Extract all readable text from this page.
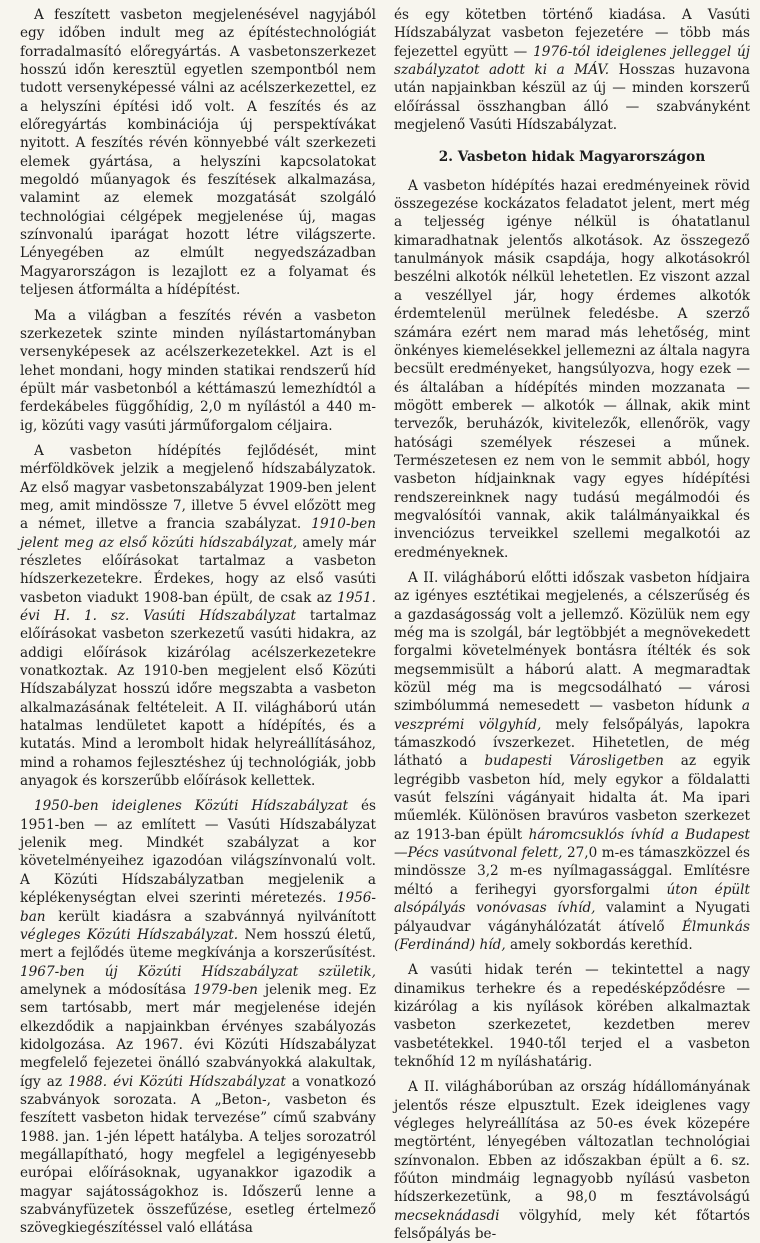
A feszített vasbeton megjelenésével nagyjából egy időben indult meg az építéstechnológiát forradalmasító előregyártás. A vasbetonszerkezet hosszú időn keresztül egyetlen szempontból nem tudott versenyképessé válni az acélszerkezettel, ez a helyszíni építési idő volt. A feszítés és az előregyártás kombinációja új perspektívákat nyitott. A feszítés révén könnyebbé vált szerkezeti elemek gyártása, a helyszíni kapcsolatokat megoldó műanyagok és feszítések alkalmazása, valamint az elemek mozgatását szolgáló technológiai célgépek megjelenése új, magas színvonalú iparágat hozott létre világszerte. Lényegében az elmúlt negyedszázadban Magyarországon is lezajlott ez a folyamat és teljesen átformálta a hídépítést.

Ma a világban a feszítés révén a vasbeton szerkezetek szinte minden nyílástartományban versenyképesek az acélszerkezetekkel. Azt is el lehet mondani, hogy minden statikai rendszerű híd épült már vasbetonból a kéttámaszú lemezhídtól a ferdekábeles függőhídig, 2,0 m nyílástól a 440 m-ig, közúti vagy vasúti járműforgalom céljaira.

A vasbeton hídépítés fejlődését, mint mérföldkövek jelzik a megjelenő hídszabályzatok. Az első magyar vasbetonszabályzat 1909-ben jelent meg, amit mindössze 7, illetve 5 évvel előzött meg a német, illetve a francia szabályzat. 1910-ben jelent meg az első közúti hídszabályzat, amely már részletes előírásokat tartalmaz a vasbeton hídszerkezetekre. Érdekes, hogy az első vasúti vasbeton viadukt 1908-ban épült, de csak az 1951. évi H. 1. sz. Vasúti Hídszabályzat tartalmaz előírásokat vasbeton szerkezetű vasúti hidakra, az addigi előírások kizárólag acélszerkezetekre vonatkoztak. Az 1910-ben megjelent első Közúti Hídszabályzat hosszú időre megszabta a vasbeton alkalmazásának feltételeit. A II. világháború után hatalmas lendületet kapott a hídépítés, és a kutatás. Mind a lerombolt hidak helyreállításához, mind a rohamos fejlesztéshez új technológiák, jobb anyagok és korszerűbb előírások kellettek.

1950-ben ideiglenes Közúti Hídszabályzat és 1951-ben — az említett — Vasúti Hídszabályzat jelenik meg. Mindkét szabályzat a kor követelményeihez igazodóan világszínvonalú volt. A Közúti Hídszabályzatban megjelenik a képlékenységtan elvei szerinti méretezés. 1956-ban került kiadásra a szabvánnyá nyilvánított végleges Közúti Hídszabályzat. Nem hosszú életű, mert a fejlődés üteme megkívánja a korszerűsítést. 1967-ben új Közúti Hídszabályzat születik, amelynek a módosítása 1979-ben jelenik meg. Ez sem tartósabb, mert már megjelenése idején elkezdődik a napjainkban érvényes szabályozás kidolgozása. Az 1967. évi Közúti Hídszabályzat megfelelő fejezetei önálló szabványokká alakultak, így az 1988. évi Közúti Hídszabályzat a vonatkozó szabványok sorozata. A „Beton-, vasbeton és feszített vasbeton hidak tervezése” című szabvány 1988. jan. 1-jén lépett hatályba. A teljes sorozatról megállapítható, hogy megfelel a legigényesebb európai előírásoknak, ugyanakkor igazodik a magyar sajátosságokhoz is. Időszerű lenne a szabványfüzetek összefűzése, esetleg értelmező szövegkiegészítéssel való ellátása

és egy kötetben történő kiadása. A Vasúti Hídszabályzat vasbeton fejezetére — több más fejezettel együtt — 1976-tól ideiglenes jelleggel új szabályzatot adott ki a MÁV. Hosszas huzavona után napjainkban készül az új — minden korszerű előírással összhangban álló — szabványként megjelenő Vasúti Hídszabályzat.

2. Vasbeton hidak Magyarországon

A vasbeton hídépítés hazai eredményeinek rövid összegezése kockázatos feladatot jelent, mert még a teljesség igénye nélkül is óhatatlanul kimaradhatnak jelentős alkotások. Az összegező tanulmányok másik csapdája, hogy alkotásokról beszélni alkotók nélkül lehetetlen. Ez viszont azzal a veszéllyel jár, hogy érdemes alkotók érdemtelenül merülnek feledésbe. A szerző számára ezért nem marad más lehetőség, mint önkényes kiemelésekkel jellemezni az általa nagyra becsült eredményeket, hangsúlyozva, hogy ezek — és általában a hídépítés minden mozzanata — mögött emberek — alkotók — állnak, akik mint tervezők, beruházók, kivitelezők, ellenőrök, vagy hatósági személyek részesei a műnek. Természetesen ez nem von le semmit abból, hogy vasbeton hídjainknak vagy egyes hídépítési rendszereinknek nagy tudású megálmodói és megvalósítói vannak, akik találmányaikkal és invenciózus terveikkel szellemi megalkotói az eredményeknek.

A II. világháború előtti időszak vasbeton hídjaira az igényes esztétikai megjelenés, a célszerűség és a gazdaságosság volt a jellemző. Közülük nem egy még ma is szolgál, bár legtöbbjét a megnövekedett forgalmi követelmények bontásra ítélték és sok megsemmisült a háború alatt. A megmaradtak közül még ma is megcsodálható — városi szimbólummá nemesedett — vasbeton hídunk a veszprémi völgyhíd, mely felsőpályás, lapokra támaszkodó ívszerkezet. Hihetetlen, de még látható a budapesti Városligetben az egyik legrégibb vasbeton híd, mely egykor a földalatti vasút felszíni vágányait hidalta át. Ma ipari műemlék. Különösen bravúros vasbeton szerkezet az 1913-ban épült háromcsuklós ívhíd a Budapest—Pécs vasútvonal felett, 27,0 m-es támaszközzel és mindössze 3,2 m-es nyílmagassággal. Említésre méltó a ferihegyi gyorsforgalmi úton épült alsópályás vonóvasas ívhíd, valamint a Nyugati pályaudvar vágányhálózatát átívelő Élmunkás (Ferdinánd) híd, amely sokbordás kerethíd.

A vasúti hidak terén — tekintettel a nagy dinamikus terhekre és a repedésképződésre — kizárólag a kis nyílások körében alkalmaztak vasbeton szerkezetet, kezdetben merev vasbetétekkel. 1940-től terjed el a vasbeton teknőhíd 12 m nyíláshatárig.

A II. világháborúban az ország hídállományának jelentős része elpusztult. Ezek ideiglenes vagy végleges helyreállítása az 50-es évek közepére megtörtént, lényegében változatlan technológiai színvonalon. Ebben az időszakban épült a 6. sz. főúton mindmáig legnagyobb nyílású vasbeton hídszerkezetünk, a 98,0 m fesztávolságú mecseknádasdi völgyhíd, mely két főtartós felsőpályás be-
